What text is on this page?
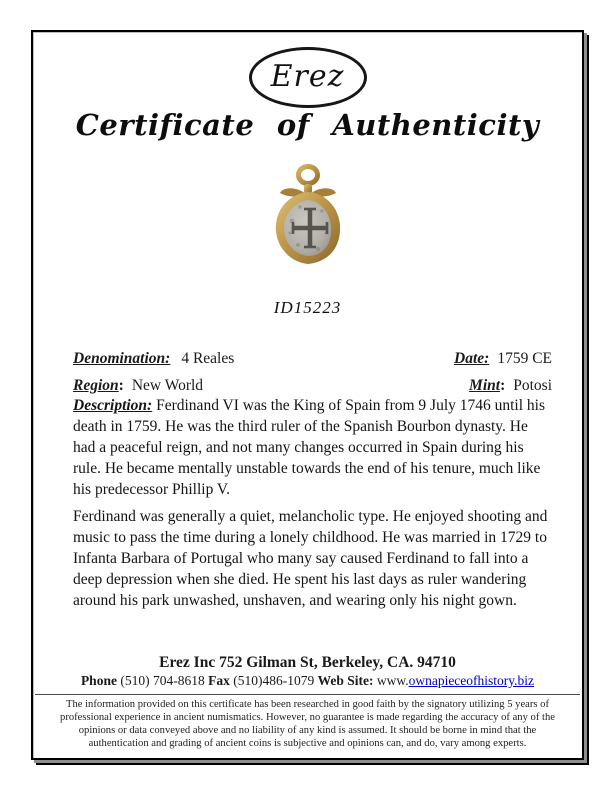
Erez
Certificate of Authenticity
ID15223
Denomination: 4 Reales	Date: 1759 CE
Region: New World	Mint: Potosi

Description: Ferdinand VI was the King of Spain from 9 July 1746 until his death in 1759. He was the third ruler of the Spanish Bourbon dynasty. He had a peaceful reign, and not many changes occurred in Spain during his rule. He became mentally unstable towards the end of his tenure, much like his predecessor Phillip V.

Ferdinand was generally a quiet, melancholic type. He enjoyed shooting and music to pass the time during a lonely childhood. He was married in 1729 to Infanta Barbara of Portugal who many say caused Ferdinand to fall into a deep depression when she died. He spent his last days as ruler wandering around his park unwashed, unshaven, and wearing only his night gown.

Erez Inc 752 Gilman St, Berkeley, CA. 94710
Phone (510) 704-8618 Fax (510)486-1079 Web Site: www.ownapieceofhistory.biz
The information provided on this certificate has been researched in good faith by the signatory utilizing 5 years of professional experience in ancient numismatics. However, no guarantee is made regarding the accuracy of any of the opinions or data conveyed above and no liability of any kind is assumed. It should be borne in mind that the authentication and grading of ancient coins is subjective and opinions can, and do, vary among experts.
